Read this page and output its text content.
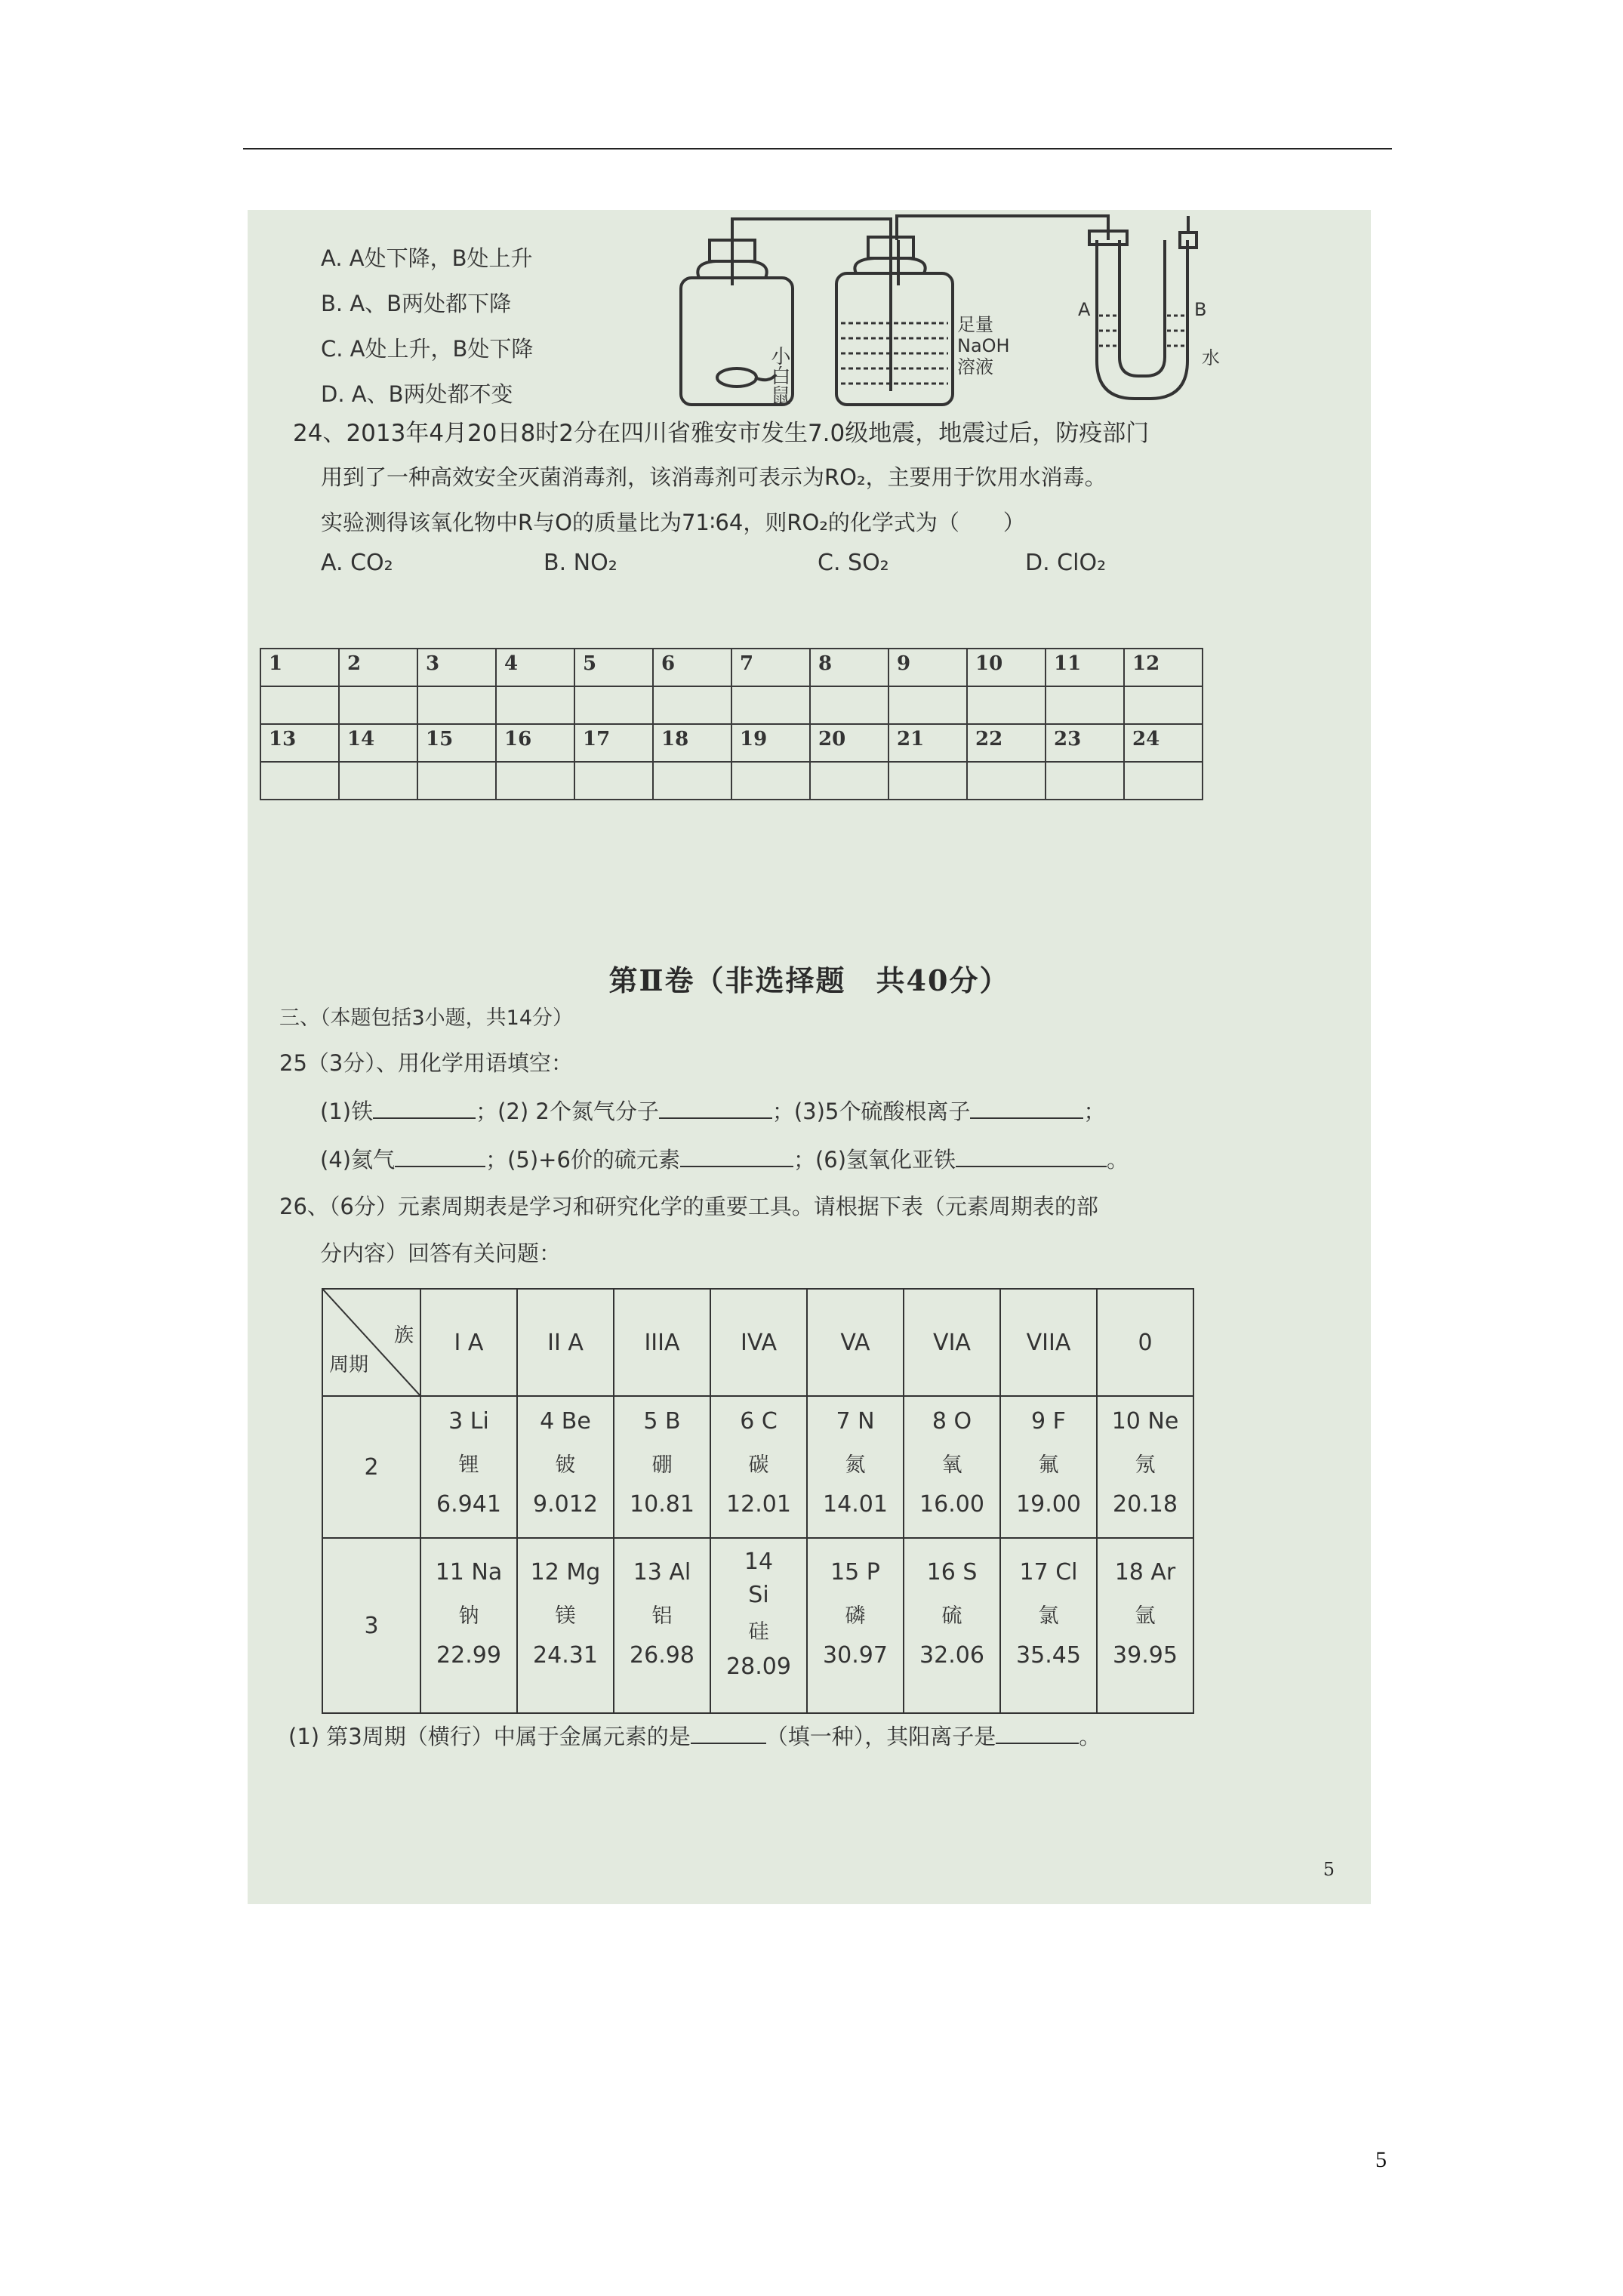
A. A处下降，B处上升
B. A、B两处都下降
C. A处上升，B处下降
D. A、B两处都不变	小白鼠
足量
NaOH
溶液
A	B
水
24、2013年4月20日8时2分在四川省雅安市发生7.0级地震，地震过后，防疫部门
用到了一种高效安全灭菌消毒剂，该消毒剂可表示为RO₂，主要用于饮用水消毒。
实验测得该氧化物中R与O的质量比为71∶64，则RO₂的化学式为（　　）
A. CO₂	B. NO₂	C. SO₂	D. ClO₂
1	2	3	4	5	6	7	8	9	10	11	12

13	14	15	16	17	18	19	20	21	22	23	24

第Ⅱ卷（非选择题　共40分）
三、（本题包括3小题，共14分）
25（3分）、用化学用语填空：
(1)铁	；(2) 2个氮气分子	；(3)5个硫酸根离子	；
(4)氦气	；(5)+6价的硫元素	；(6)氢氧化亚铁	。
26、（6分）元素周期表是学习和研究化学的重要工具。请根据下表（元素周期表的部
分内容）回答有关问题：
族
周期	I A	II A	IIIA	IVA	VA	VIA	VIIA	0
2	3 Li
锂
6.941	4 Be
铍
9.012	5 B
硼
10.81	6 C
碳
12.01	7 N
氮
14.01	8 O
氧
16.00	9 F
氟
19.00	10 Ne
氖
20.18

3	11 Na
钠
22.99	12 Mg
镁
24.31	13 Al
铝
26.98	14 Si
硅
28.09	15 P
磷
30.97	16 S
硫
32.06	17 Cl
氯
35.45	18 Ar
氩
39.95
(1) 第3周期（横行）中属于金属元素的是	（填一种），其阳离子是	。
5
5
